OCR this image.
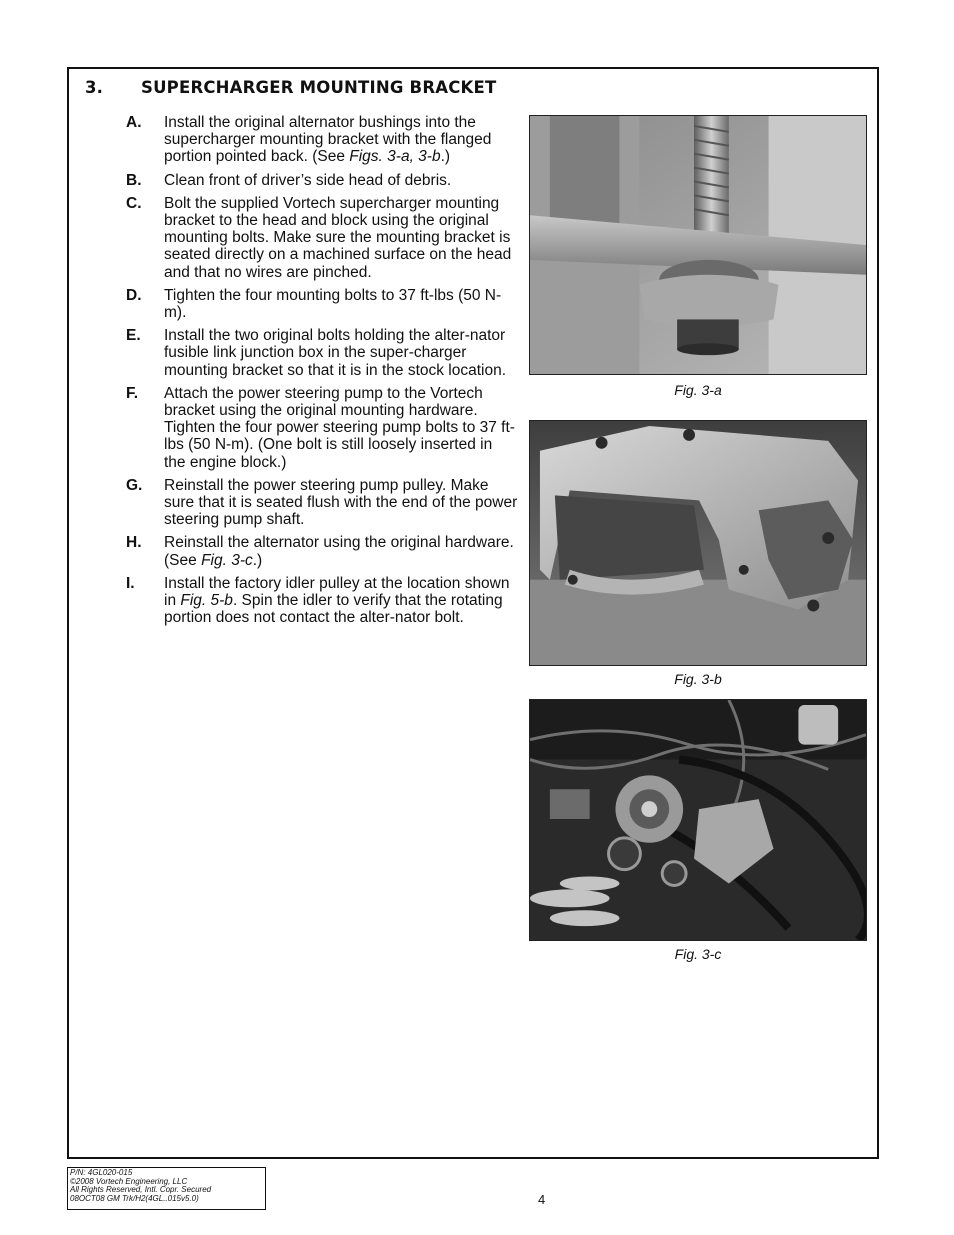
3. SUPERCHARGER MOUNTING BRACKET
A. Install the original alternator bushings into the supercharger mounting bracket with the flanged portion pointed back. (See Figs. 3-a, 3-b.)
B. Clean front of driver’s side head of debris.
C. Bolt the supplied Vortech supercharger mounting bracket to the head and block using the original mounting bolts. Make sure the mounting bracket is seated directly on a machined surface on the head and that no wires are pinched.
D. Tighten the four mounting bolts to 37 ft-lbs (50 N-m).
E. Install the two original bolts holding the alter-nator fusible link junction box in the super-charger mounting bracket so that it is in the stock location.
F. Attach the power steering pump to the Vortech bracket using the original mounting hardware. Tighten the four power steering pump bolts to 37 ft-lbs (50 N-m). (One bolt is still loosely inserted in the engine block.)
G. Reinstall the power steering pump pulley. Make sure that it is seated flush with the end of the power steering pump shaft.
H. Reinstall the alternator using the original hardware. (See Fig. 3-c.)
I. Install the factory idler pulley at the location shown in Fig. 5-b. Spin the idler to verify that the rotating portion does not contact the alter-nator bolt.
Fig. 3-a
Fig. 3-b
Fig. 3-c
P/N: 4GL020-015
©2008 Vortech Engineering, LLC
All Rights Reserved, Intl. Copr. Secured
08OCT08 GM Trk/H2(4GL..015v5.0)	4
